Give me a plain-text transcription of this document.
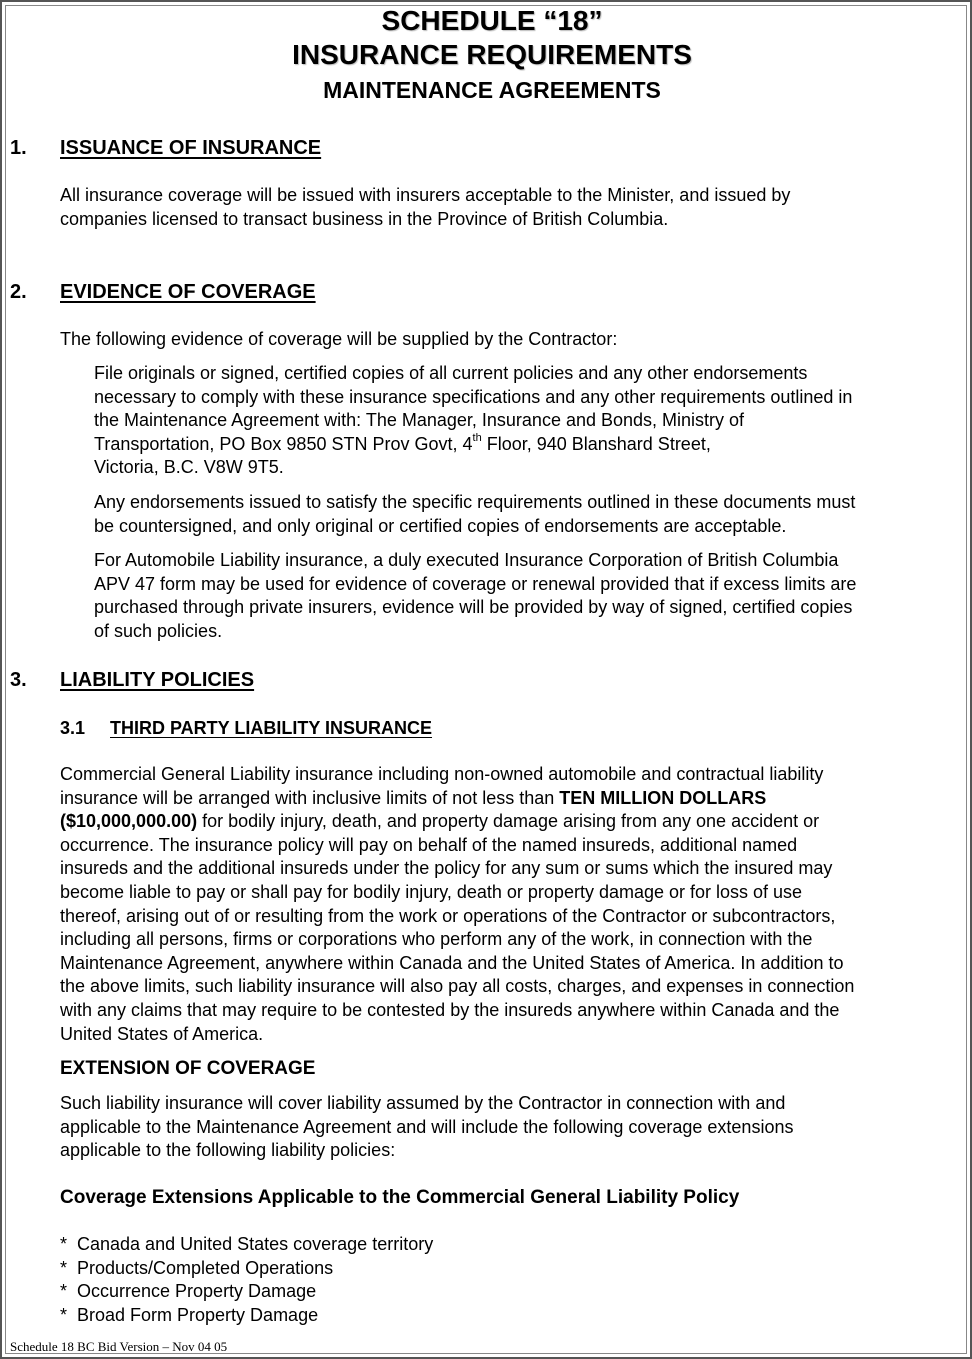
SCHEDULE “18”
INSURANCE REQUIREMENTS
MAINTENANCE AGREEMENTS
1. ISSUANCE OF INSURANCE
All insurance coverage will be issued with insurers acceptable to the Minister, and issued by
companies licensed to transact business in the Province of British Columbia.
2. EVIDENCE OF COVERAGE
The following evidence of coverage will be supplied by the Contractor:
File originals or signed, certified copies of all current policies and any other endorsements
necessary to comply with these insurance specifications and any other requirements outlined in
the Maintenance Agreement with: The Manager, Insurance and Bonds, Ministry of
Transportation, PO Box 9850 STN Prov Govt, 4th Floor, 940 Blanshard Street,
Victoria, B.C. V8W 9T5.
Any endorsements issued to satisfy the specific requirements outlined in these documents must
be countersigned, and only original or certified copies of endorsements are acceptable.
For Automobile Liability insurance, a duly executed Insurance Corporation of British Columbia
APV 47 form may be used for evidence of coverage or renewal provided that if excess limits are
purchased through private insurers, evidence will be provided by way of signed, certified copies
of such policies.
3. LIABILITY POLICIES
3.1 THIRD PARTY LIABILITY INSURANCE
Commercial General Liability insurance including non-owned automobile and contractual liability
insurance will be arranged with inclusive limits of not less than TEN MILLION DOLLARS
($10,000,000.00) for bodily injury, death, and property damage arising from any one accident or
occurrence. The insurance policy will pay on behalf of the named insureds, additional named
insureds and the additional insureds under the policy for any sum or sums which the insured may
become liable to pay or shall pay for bodily injury, death or property damage or for loss of use
thereof, arising out of or resulting from the work or operations of the Contractor or subcontractors,
including all persons, firms or corporations who perform any of the work, in connection with the
Maintenance Agreement, anywhere within Canada and the United States of America. In addition to
the above limits, such liability insurance will also pay all costs, charges, and expenses in connection
with any claims that may require to be contested by the insureds anywhere within Canada and the
United States of America.
EXTENSION OF COVERAGE
Such liability insurance will cover liability assumed by the Contractor in connection with and
applicable to the Maintenance Agreement and will include the following coverage extensions
applicable to the following liability policies:
Coverage Extensions Applicable to the Commercial General Liability Policy
* Canada and United States coverage territory
* Products/Completed Operations
* Occurrence Property Damage
* Broad Form Property Damage
Schedule 18 BC Bid Version – Nov 04 05
